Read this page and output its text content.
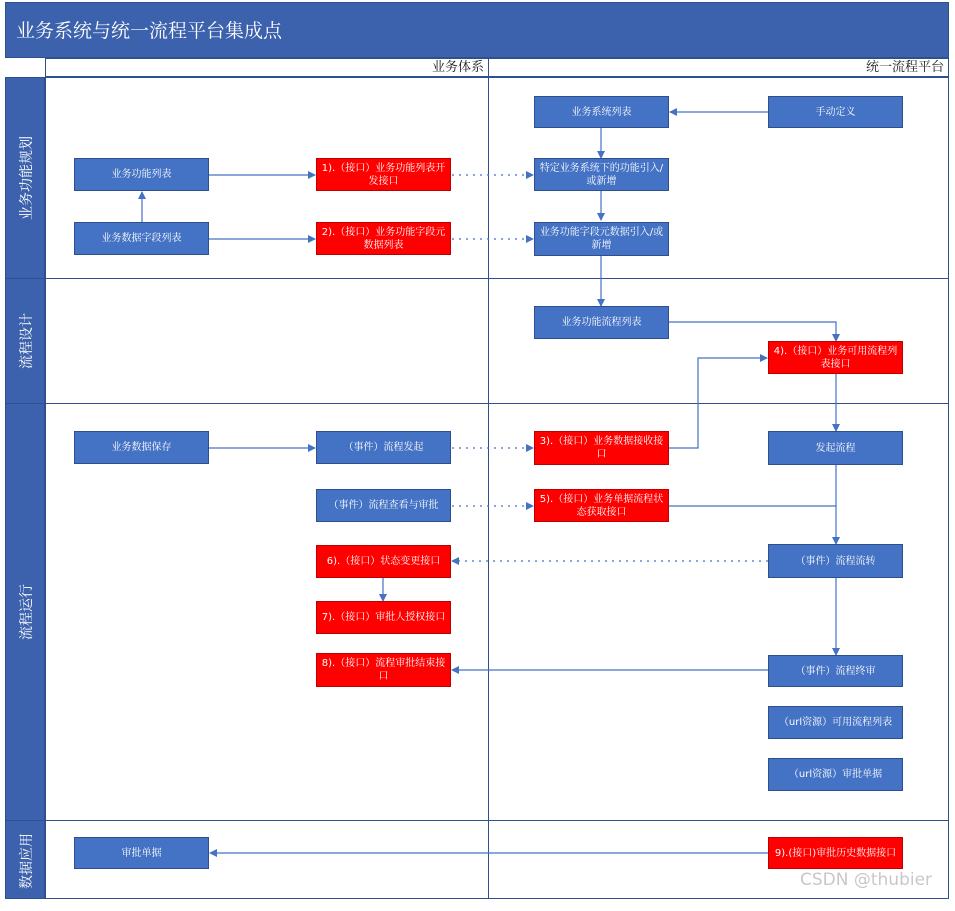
业务系统与统一流程平台集成点
业务体系	统一流程平台
业务功能规划
流程设计
流程运行
数据应用
业务系统列表	手动定义
业务功能列表
1).（接口）业务功能列表开发接口
特定业务系统下的功能引入/或新增
业务数据字段列表
2).（接口）业务功能字段元数据列表
业务功能字段元数据引入/或新增
业务功能流程列表
4).（接口）业务可用流程列表接口
业务数据保存	（事件）流程发起
3).（接口）业务数据接收接口
发起流程
（事件）流程查看与审批
5).（接口）业务单据流程状态获取接口
6).（接口）状态变更接口	（事件）流程流转
7).（接口）审批人授权接口
8).（接口）流程审批结束接口	（事件）流程终审
（url资源）可用流程列表
（url资源）审批单据
审批单据	9).(接口)审批历史数据接口
CSDN @thubier
